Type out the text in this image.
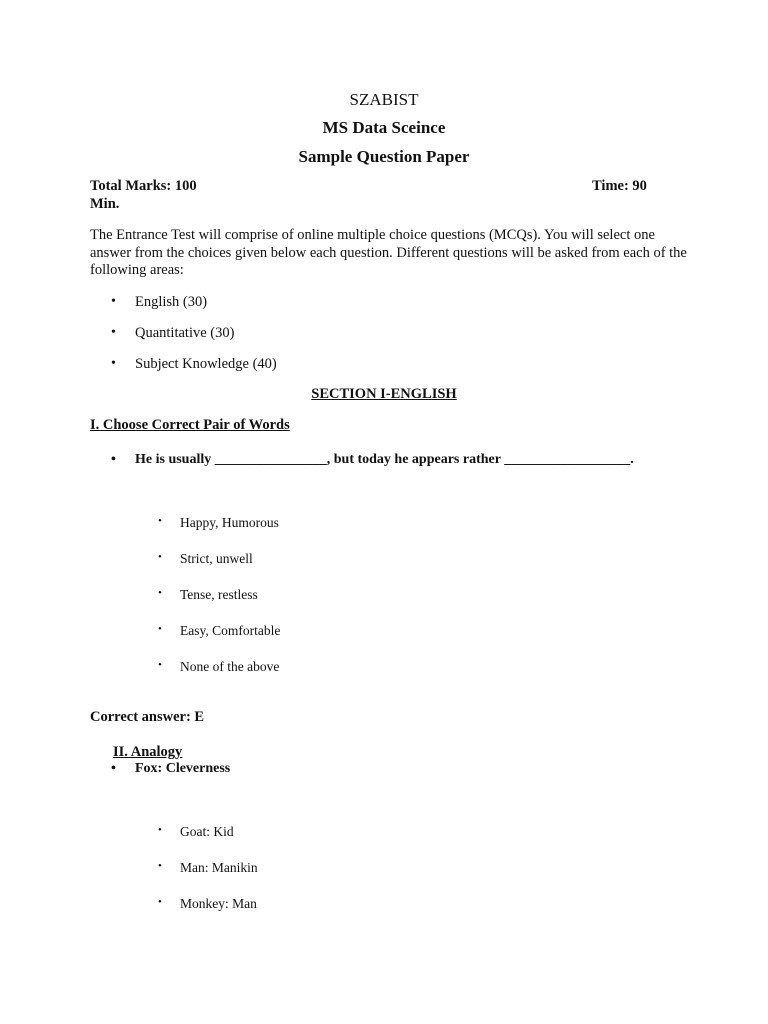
SZABIST
MS Data Sceince
Sample Question Paper
Total Marks: 100	Time: 90
Min.
The Entrance Test will comprise of online multiple choice questions (MCQs). You will select one answer from the choices given below each question. Different questions will be asked from each of the following areas:
• English (30)
• Quantitative (30)
• Subject Knowledge (40)
SECTION I-ENGLISH
I. Choose Correct Pair of Words
• He is usually ________________, but today he appears rather __________________.
• Happy, Humorous
• Strict, unwell
• Tense, restless
• Easy, Comfortable
• None of the above
Correct answer: E
II. Analogy
• Fox: Cleverness
• Goat: Kid
• Man: Manikin
• Monkey: Man
